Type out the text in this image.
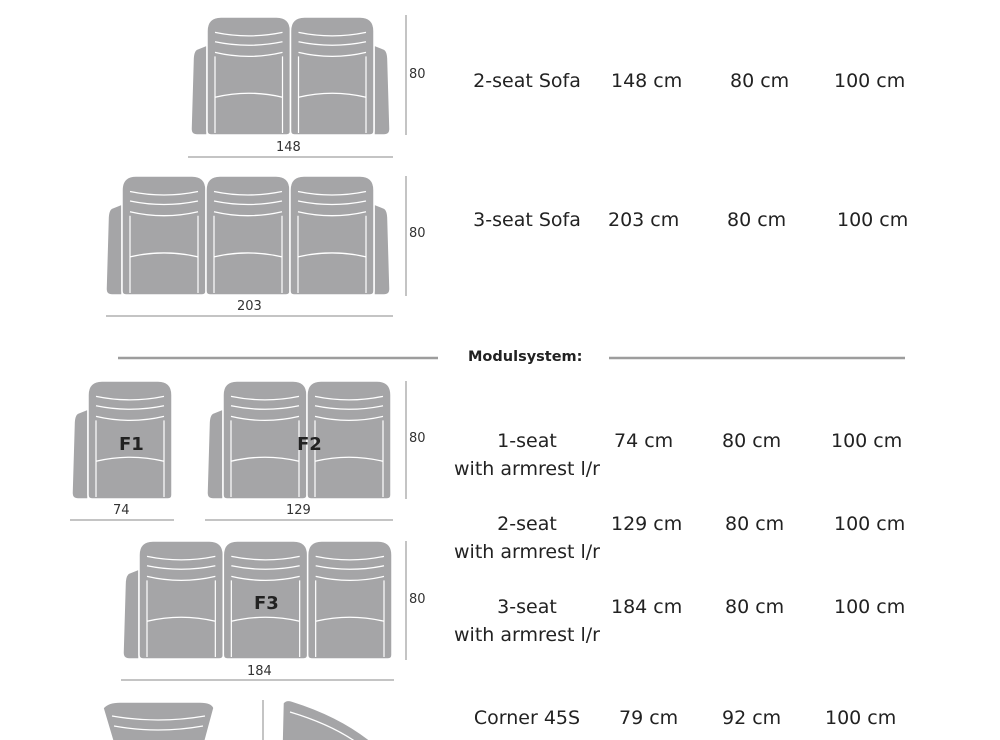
80
148
80
203
Modulsystem:
F1	F2	80
74	129
F3	80
184
2-seat Sofa	148 cm	80 cm 100 cm
3-seat Sofa	203 cm	80 cm	100 cm
1-seat
with armrest l/r
74 cm	80 cm	100 cm
2-seat
with armrest l/r
129 cm 80 cm	100 cm
3-seat
with armrest l/r
184 cm 80 cm	100 cm
Corner 45S	79 cm 92 cm 100 cm
